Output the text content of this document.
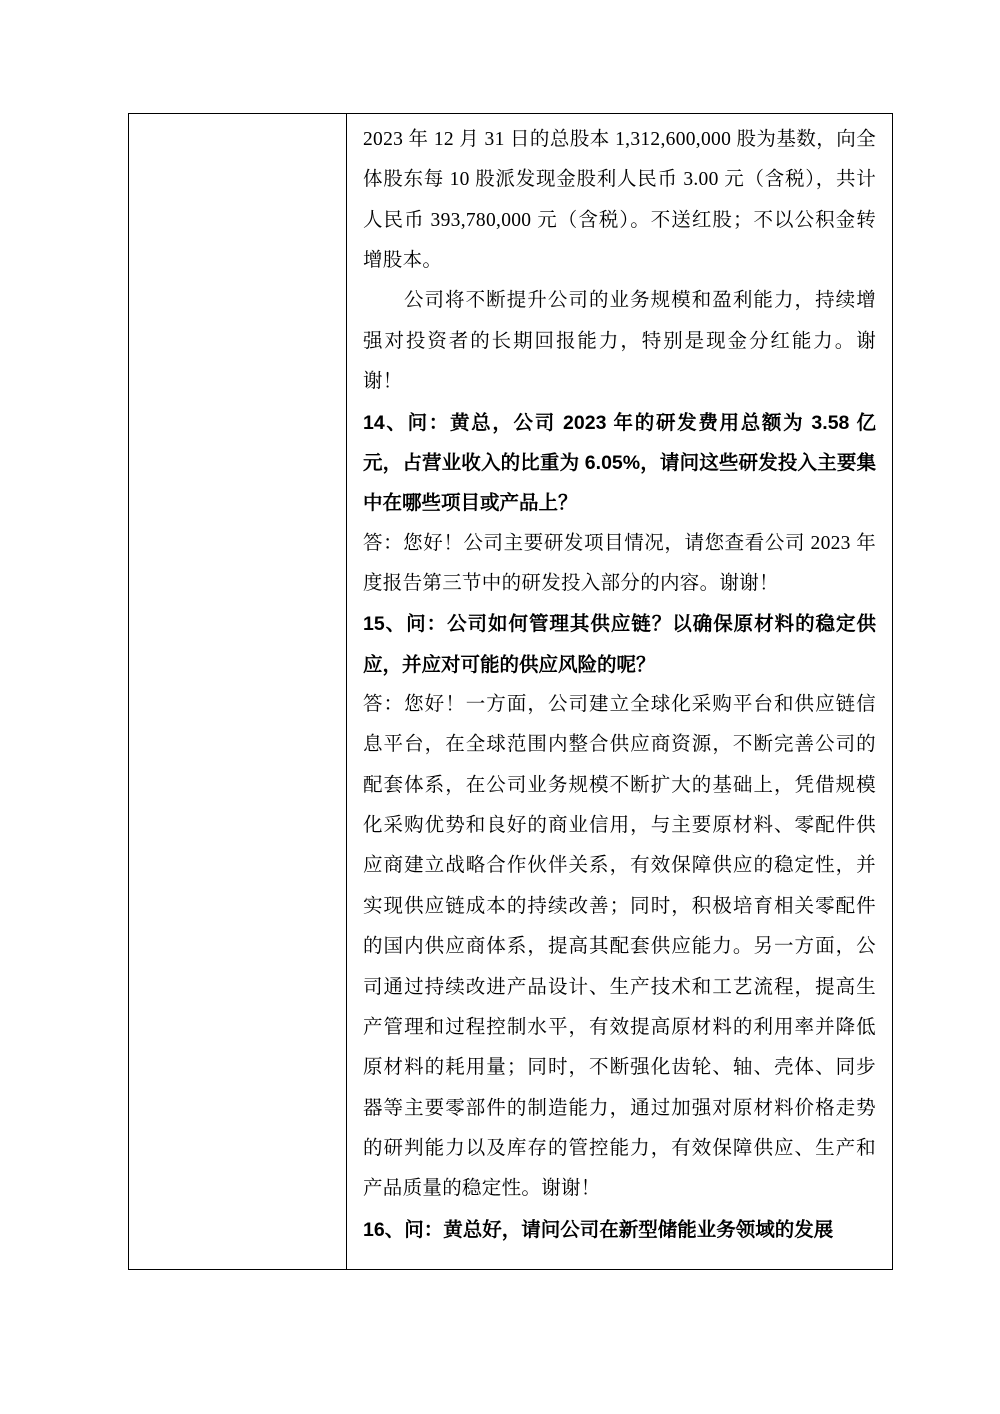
2023 年 12 月 31 日的总股本 1,312,600,000 股为基数，向全体股东每 10 股派发现金股利人民币 3.00 元（含税），共计人民币 393,780,000 元（含税）。不送红股；不以公积金转增股本。

公司将不断提升公司的业务规模和盈利能力，持续增强对投资者的长期回报能力，特别是现金分红能力。谢谢！

14、问：黄总，公司 2023 年的研发费用总额为 3.58 亿元，占营业收入的比重为 6.05%，请问这些研发投入主要集中在哪些项目或产品上？

答：您好！公司主要研发项目情况，请您查看公司 2023 年度报告第三节中的研发投入部分的内容。谢谢！

15、问：公司如何管理其供应链？以确保原材料的稳定供应，并应对可能的供应风险的呢？

答：您好！一方面，公司建立全球化采购平台和供应链信息平台，在全球范围内整合供应商资源，不断完善公司的配套体系，在公司业务规模不断扩大的基础上，凭借规模化采购优势和良好的商业信用，与主要原材料、零配件供应商建立战略合作伙伴关系，有效保障供应的稳定性，并实现供应链成本的持续改善；同时，积极培育相关零配件的国内供应商体系，提高其配套供应能力。另一方面，公司通过持续改进产品设计、生产技术和工艺流程，提高生产管理和过程控制水平，有效提高原材料的利用率并降低原材料的耗用量；同时，不断强化齿轮、轴、壳体、同步器等主要零部件的制造能力，通过加强对原材料价格走势的研判能力以及库存的管控能力，有效保障供应、生产和产品质量的稳定性。谢谢！

16、问：黄总好，请问公司在新型储能业务领域的发展
